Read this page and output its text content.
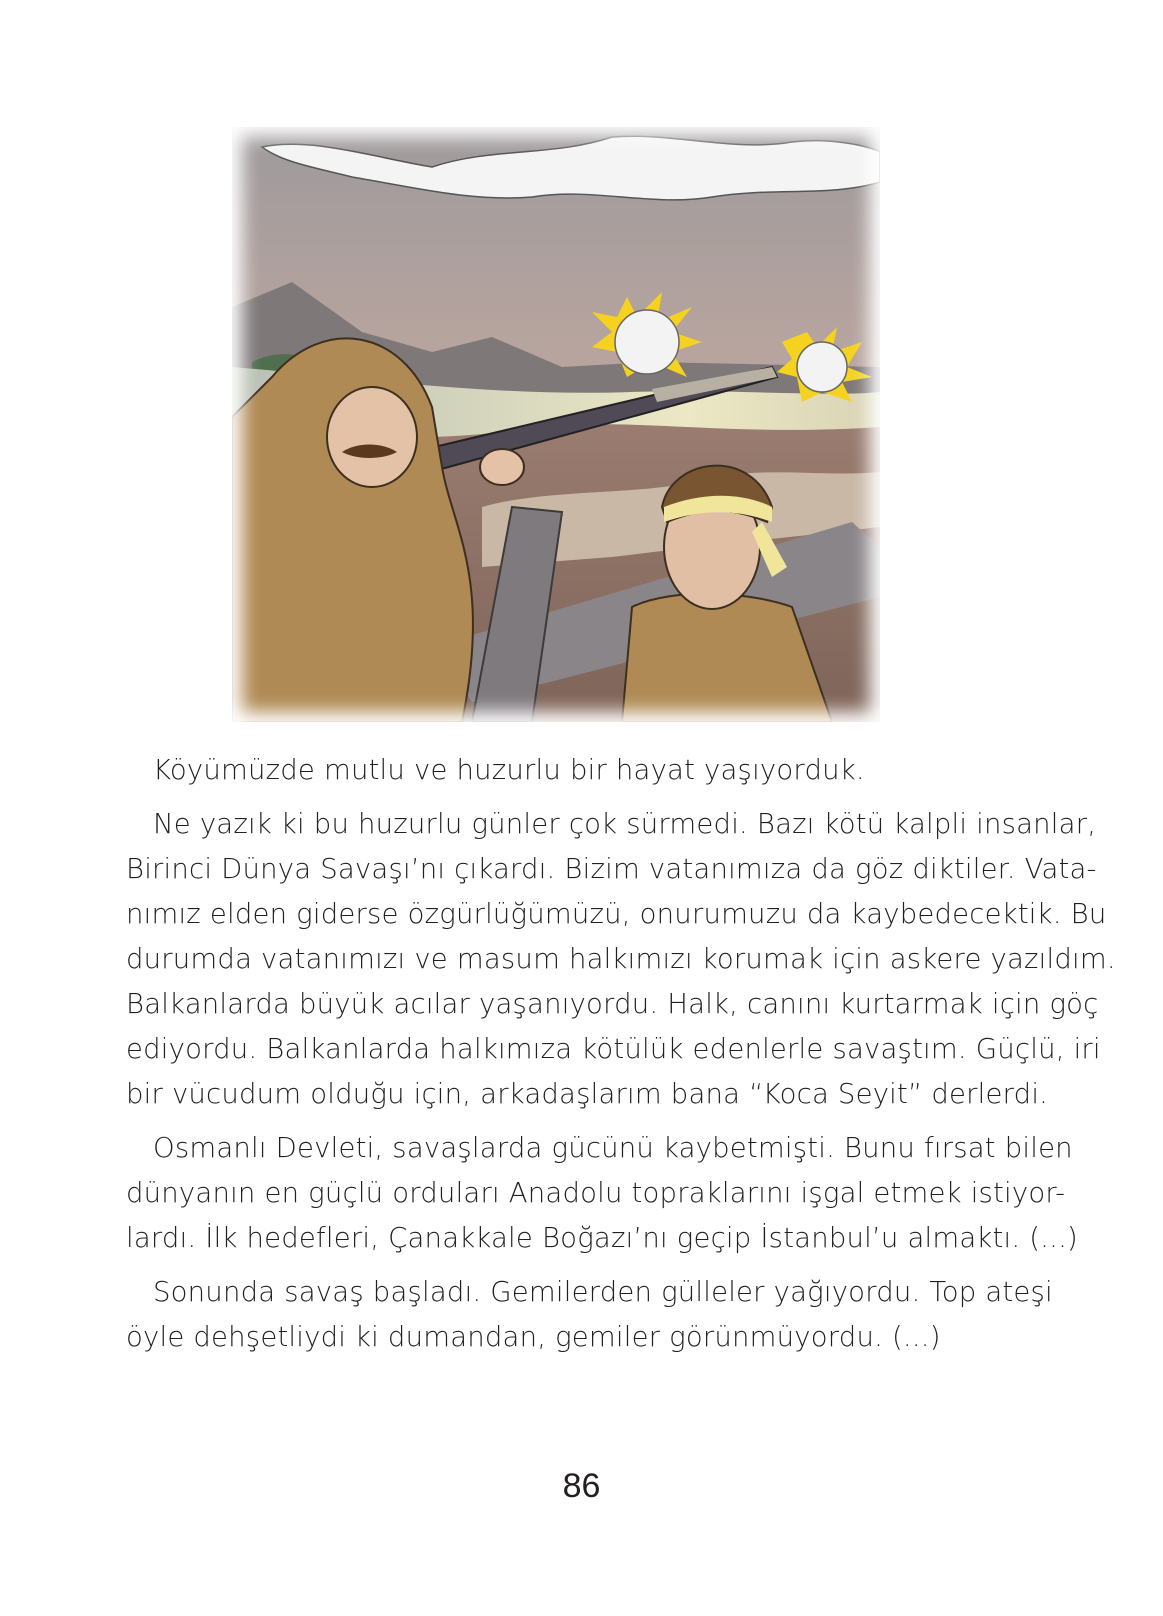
Köyümüzde mutlu ve huzurlu bir hayat yaşıyorduk.
Ne yazık ki bu huzurlu günler çok sürmedi. Bazı kötü kalpli insanlar,
Birinci Dünya Savaşı’nı çıkardı. Bizim vatanımıza da göz diktiler. Vata-
nımız elden giderse özgürlüğümüzü, onurumuzu da kaybedecektik. Bu
durumda vatanımızı ve masum halkımızı korumak için askere yazıldım.
Balkanlarda büyük acılar yaşanıyordu. Halk, canını kurtarmak için göç
ediyordu. Balkanlarda halkımıza kötülük edenlerle savaştım. Güçlü, iri
bir vücudum olduğu için, arkadaşlarım bana “Koca Seyit” derlerdi.
Osmanlı Devleti, savaşlarda gücünü kaybetmişti. Bunu fırsat bilen
dünyanın en güçlü orduları Anadolu topraklarını işgal etmek istiyor-
lardı. İlk hedefleri, Çanakkale Boğazı’nı geçip İstanbul’u almaktı. (...)
Sonunda savaş başladı. Gemilerden gülleler yağıyordu. Top ateşi
öyle dehşetliydi ki dumandan, gemiler görünmüyordu. (...)
86
